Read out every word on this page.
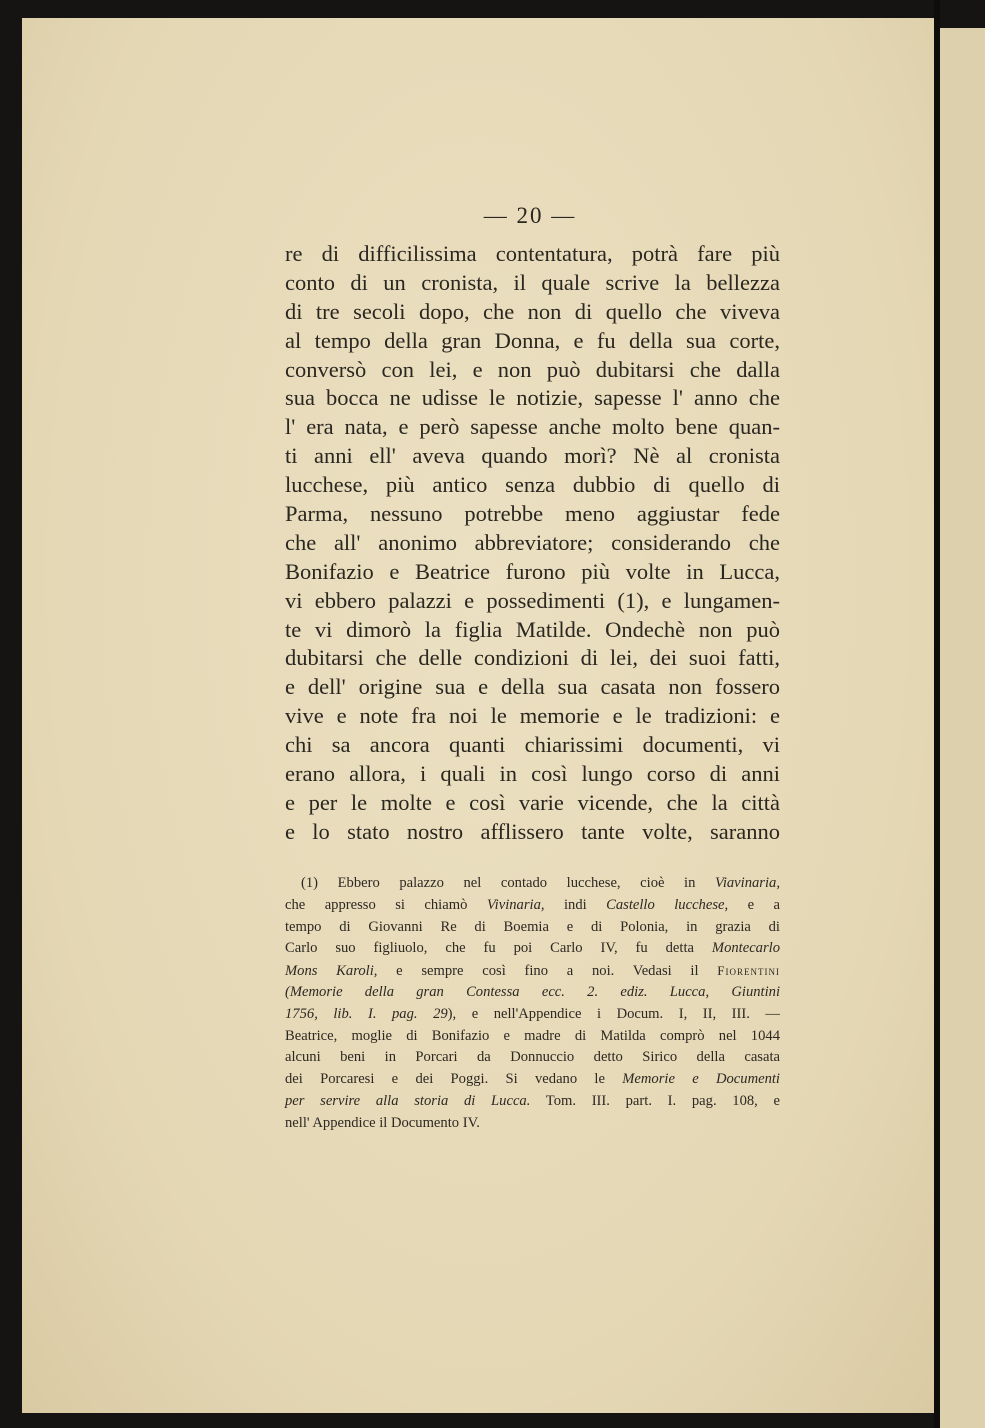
— 20 —
re di difficilissima contentatura, potrà fare più
conto di un cronista, il quale scrive la bellezza
di tre secoli dopo, che non di quello che viveva
al tempo della gran Donna, e fu della sua corte,
conversò con lei, e non può dubitarsi che dalla
sua bocca ne udisse le notizie, sapesse l' anno che
l' era nata, e però sapesse anche molto bene quan-
ti anni ell' aveva quando morì? Nè al cronista
lucchese, più antico senza dubbio di quello di
Parma, nessuno potrebbe meno aggiustar fede
che all' anonimo abbreviatore; considerando che
Bonifazio e Beatrice furono più volte in Lucca,
vi ebbero palazzi e possedimenti (1), e lungamen-
te vi dimorò la figlia Matilde. Ondechè non può
dubitarsi che delle condizioni di lei, dei suoi fatti,
e dell' origine sua e della sua casata non fossero
vive e note fra noi le memorie e le tradizioni: e
chi sa ancora quanti chiarissimi documenti, vi
erano allora, i quali in così lungo corso di anni
e per le molte e così varie vicende, che la città
e lo stato nostro afflissero tante volte, saranno
(1) Ebbero palazzo nel contado lucchese, cioè in Viavinaria,
che appresso si chiamò Vivinaria, indi Castello lucchese, e a
tempo di Giovanni Re di Boemia e di Polonia, in grazia di
Carlo suo figliuolo, che fu poi Carlo IV, fu detta Montecarlo
Mons Karoli, e sempre così fino a noi. Vedasi il Fiorentini
(Memorie della gran Contessa ecc. 2. ediz. Lucca, Giuntini
1756, lib. I. pag. 29), e nell'Appendice i Docum. I, II, III. —
Beatrice, moglie di Bonifazio e madre di Matilda comprò nel 1044
alcuni beni in Porcari da Donnuccio detto Sirico della casata
dei Porcaresi e dei Poggi. Si vedano le Memorie e Documenti
per servire alla storia di Lucca. Tom. III. part. I. pag. 108, e
nell' Appendice il Documento IV.
